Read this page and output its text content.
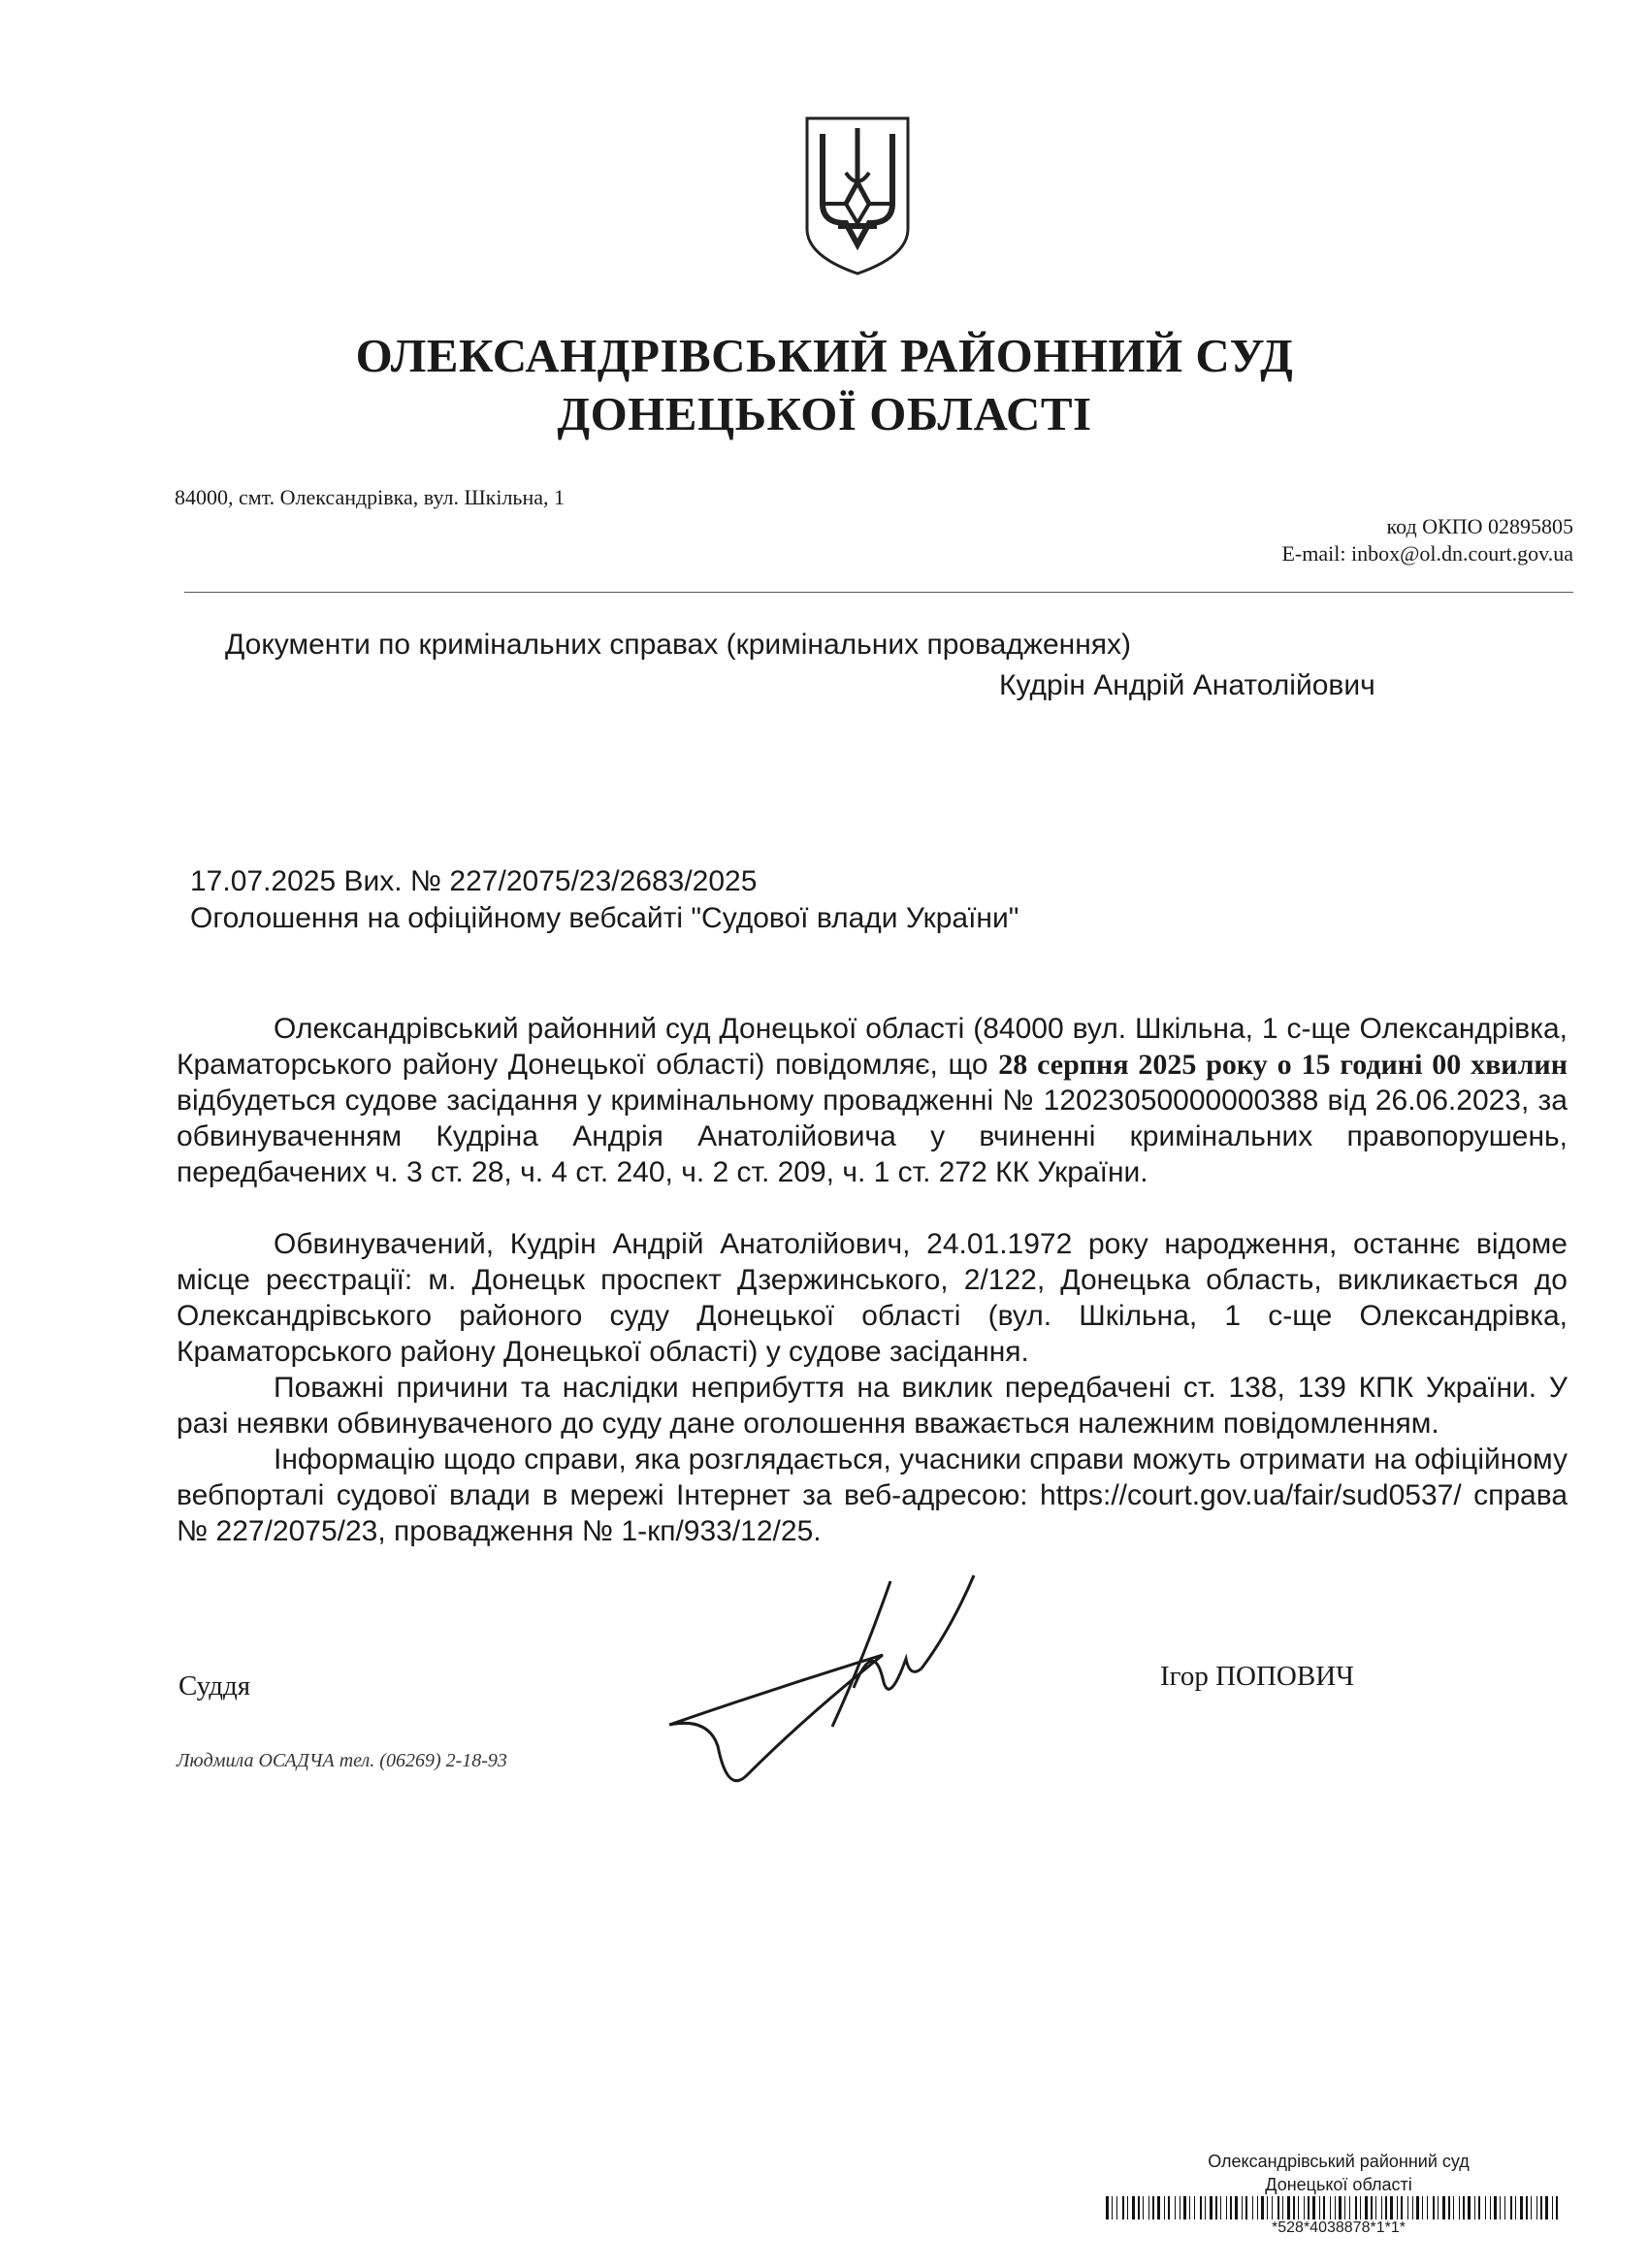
ОЛЕКСАНДРІВСЬКИЙ РАЙОННИЙ СУД
ДОНЕЦЬКОЇ ОБЛАСТІ
84000, смт. Олександрівка, вул. Шкільна, 1
код ОКПО 02895805
E-mail: inbox@ol.dn.court.gov.ua
Документи по кримінальних справах (кримінальних провадженнях)
Кудрін Андрій Анатолійович
17.07.2025 Вих. № 227/2075/23/2683/2025
Оголошення на офіційному вебсайті "Судової влади України"
Олександрівський районний суд Донецької області (84000 вул. Шкільна, 1 с-ще Олександрівка, Краматорського району Донецької області) повідомляє, що 28 серпня 2025 року о 15 годині 00 хвилин відбудеться судове засідання у кримінальному провадженні № 12023050000000388 від 26.06.2023, за обвинуваченням Кудріна Андрія Анатолійовича у вчиненні кримінальних правопорушень, передбачених ч. 3 ст. 28, ч. 4 ст. 240, ч. 2 ст. 209, ч. 1 ст. 272 КК України.
Обвинувачений, Кудрін Андрій Анатолійович, 24.01.1972 року народження, останнє відоме місце реєстрації: м. Донецьк проспект Дзержинського, 2/122, Донецька область, викликається до Олександрівського районого суду Донецької області (вул. Шкільна, 1 с-ще Олександрівка, Краматорського району Донецької області) у судове засідання.
Поважні причини та наслідки неприбуття на виклик передбачені ст. 138, 139 КПК України. У разі неявки обвинуваченого до суду дане оголошення вважається належним повідомленням.
Інформацію щодо справи, яка розглядається, учасники справи можуть отримати на офіційному вебпорталі судової влади в мережі Інтернет за веб-адресою: https://court.gov.ua/fair/sud0537/ справа № 227/2075/23, провадження № 1-кп/933/12/25.
Суддя	Ігор ПОПОВИЧ
Людмила ОСАДЧА тел. (06269) 2-18-93
Олександрівський районний суд
Донецької області
*528*4038878*1*1*
